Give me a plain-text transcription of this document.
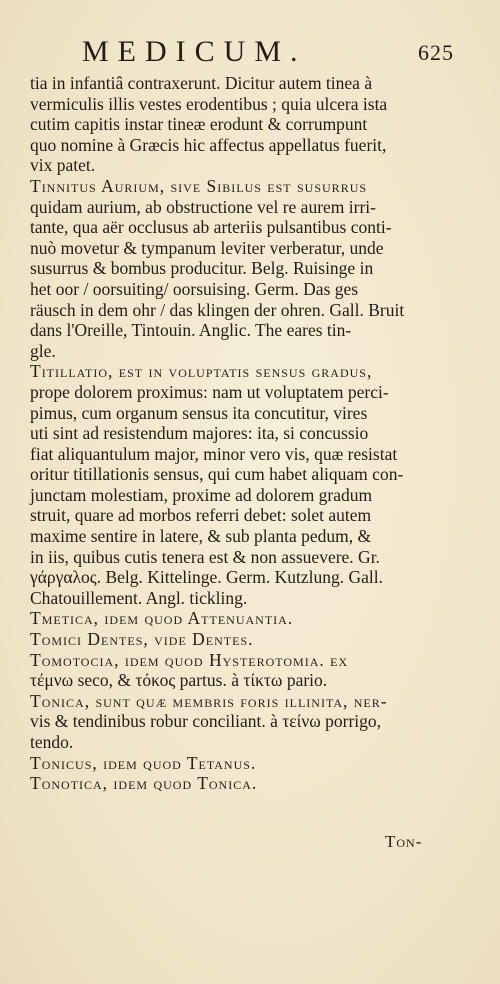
MEDICUM.	625
tia in infantiâ contraxerunt. Dicitur autem tinea à
vermiculis illis vestes erodentibus ; quia ulcera ista
cutim capitis instar tineæ erodunt & corrumpunt
quo nomine à Græcis hic affectus appellatus fuerit,
vix patet.
Tinnitus Aurium, sive Sibilus est susurrus
quidam aurium, ab obstructione vel re aurem irri-
tante, qua aër occlusus ab arteriis pulsantibus conti-
nuò movetur & tympanum leviter verberatur, unde
susurrus & bombus producitur. Belg. Ruisinge in
het oor / oorsuiting/ oorsuising. Germ. Das ges
räusch in dem ohr / das klingen der ohren. Gall. Bruit
dans l'Oreille, Tintouin. Anglic. The eares tin-
gle.
Titillatio, est in voluptatis sensus gradus,
prope dolorem proximus: nam ut voluptatem perci-
pimus, cum organum sensus ita concutitur, vires
uti sint ad resistendum majores: ita, si concussio
fiat aliquantulum major, minor vero vis, quæ resistat
oritur titillationis sensus, qui cum habet aliquam con-
junctam molestiam, proxime ad dolorem gradum
struit, quare ad morbos referri debet: solet autem
maxime sentire in latere, & sub planta pedum, &
in iis, quibus cutis tenera est & non assuevere. Gr.
γάργαλος. Belg. Kittelinge. Germ. Kutzlung. Gall.
Chatouillement. Angl. tickling.
Tmetica, idem quod Attenuantia.
Tomici Dentes, vide Dentes.
Tomotocia, idem quod Hysterotomia. ex
τέμνω seco, & τόκος partus. à τίκτω pario.
Tonica, sunt quæ membris foris illinita, ner-
vis & tendinibus robur conciliant. à τείνω porrigo,
tendo.
Tonicus, idem quod Tetanus.
Tonotica, idem quod Tonica.
Ton-
